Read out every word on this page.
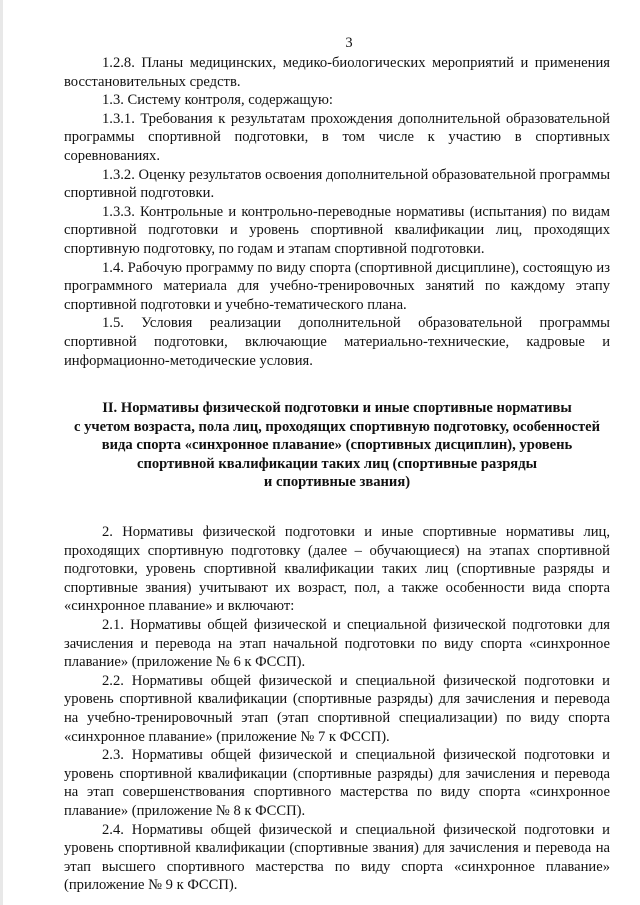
3

1.2.8. Планы медицинских, медико-биологических мероприятий и применения восстановительных средств.

1.3. Систему контроля, содержащую:

1.3.1. Требования к результатам прохождения дополнительной образовательной программы спортивной подготовки, в том числе к участию в спортивных соревнованиях.

1.3.2. Оценку результатов освоения дополнительной образовательной программы спортивной подготовки.

1.3.3. Контрольные и контрольно-переводные нормативы (испытания) по видам спортивной подготовки и уровень спортивной квалификации лиц, проходящих спортивную подготовку, по годам и этапам спортивной подготовки.

1.4. Рабочую программу по виду спорта (спортивной дисциплине), состоящую из программного материала для учебно-тренировочных занятий по каждому этапу спортивной подготовки и учебно-тематического плана.

1.5. Условия реализации дополнительной образовательной программы спортивной подготовки, включающие материально-технические, кадровые и информационно-методические условия.

II. Нормативы физической подготовки и иные спортивные нормативы
с учетом возраста, пола лиц, проходящих спортивную подготовку, особенностей
вида спорта «синхронное плавание» (спортивных дисциплин), уровень
спортивной квалификации таких лиц (спортивные разряды
и спортивные звания)

2. Нормативы физической подготовки и иные спортивные нормативы лиц, проходящих спортивную подготовку (далее – обучающиеся) на этапах спортивной подготовки, уровень спортивной квалификации таких лиц (спортивные разряды и спортивные звания) учитывают их возраст, пол, а также особенности вида спорта «синхронное плавание» и включают:

2.1. Нормативы общей физической и специальной физической подготовки для зачисления и перевода на этап начальной подготовки по виду спорта «синхронное плавание» (приложение № 6 к ФССП).

2.2. Нормативы общей физической и специальной физической подготовки и уровень спортивной квалификации (спортивные разряды) для зачисления и перевода на учебно-тренировочный этап (этап спортивной специализации) по виду спорта «синхронное плавание» (приложение № 7 к ФССП).

2.3. Нормативы общей физической и специальной физической подготовки и уровень спортивной квалификации (спортивные разряды) для зачисления и перевода на этап совершенствования спортивного мастерства по виду спорта «синхронное плавание» (приложение № 8 к ФССП).

2.4. Нормативы общей физической и специальной физической подготовки и уровень спортивной квалификации (спортивные звания) для зачисления и перевода на этап высшего спортивного мастерства по виду спорта «синхронное плавание» (приложение № 9 к ФССП).
